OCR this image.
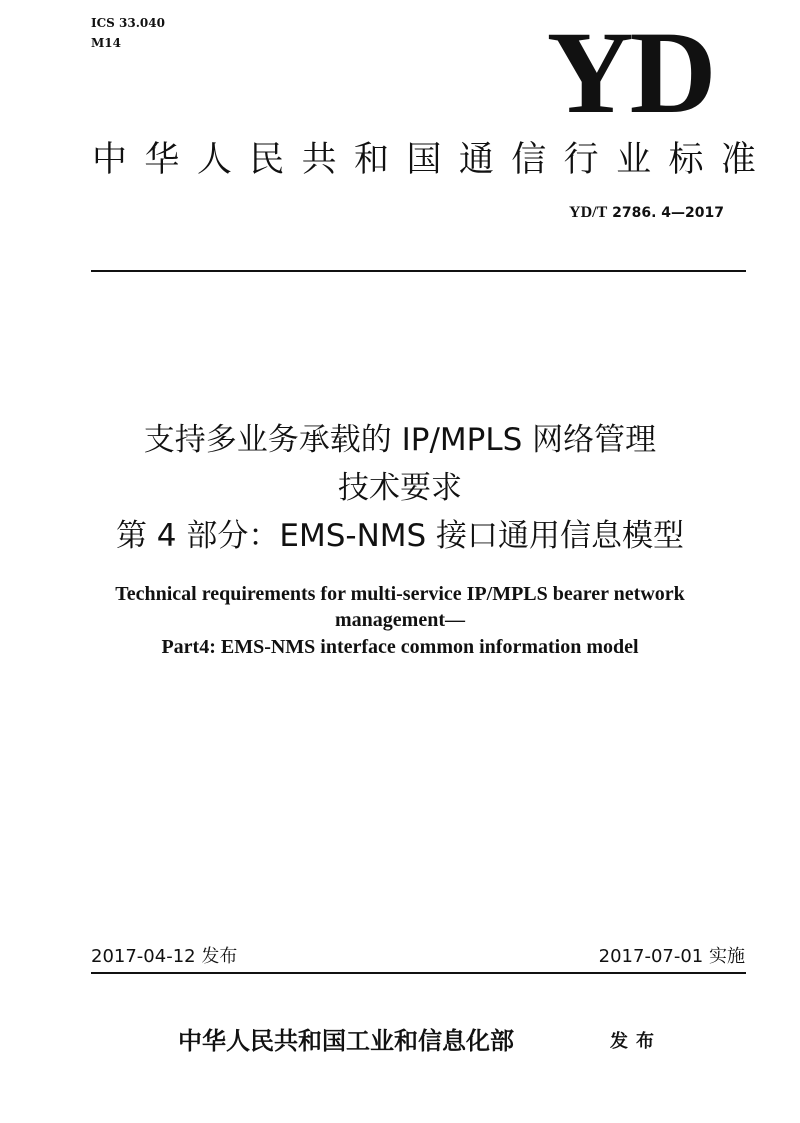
ICS 33.040
M14	YD
中 华 人 民 共 和 国 通 信 行 业 标 准
YD/T 2786. 4—2017
支持多业务承载的 IP/MPLS 网络管理
技术要求
第 4 部分：EMS-NMS 接口通用信息模型
Technical requirements for multi-service IP/MPLS bearer network
management—
Part4: EMS-NMS interface common information model
2017-04-12 发布	2017-07-01 实施
中华人民共和国工业和信息化部	发布
